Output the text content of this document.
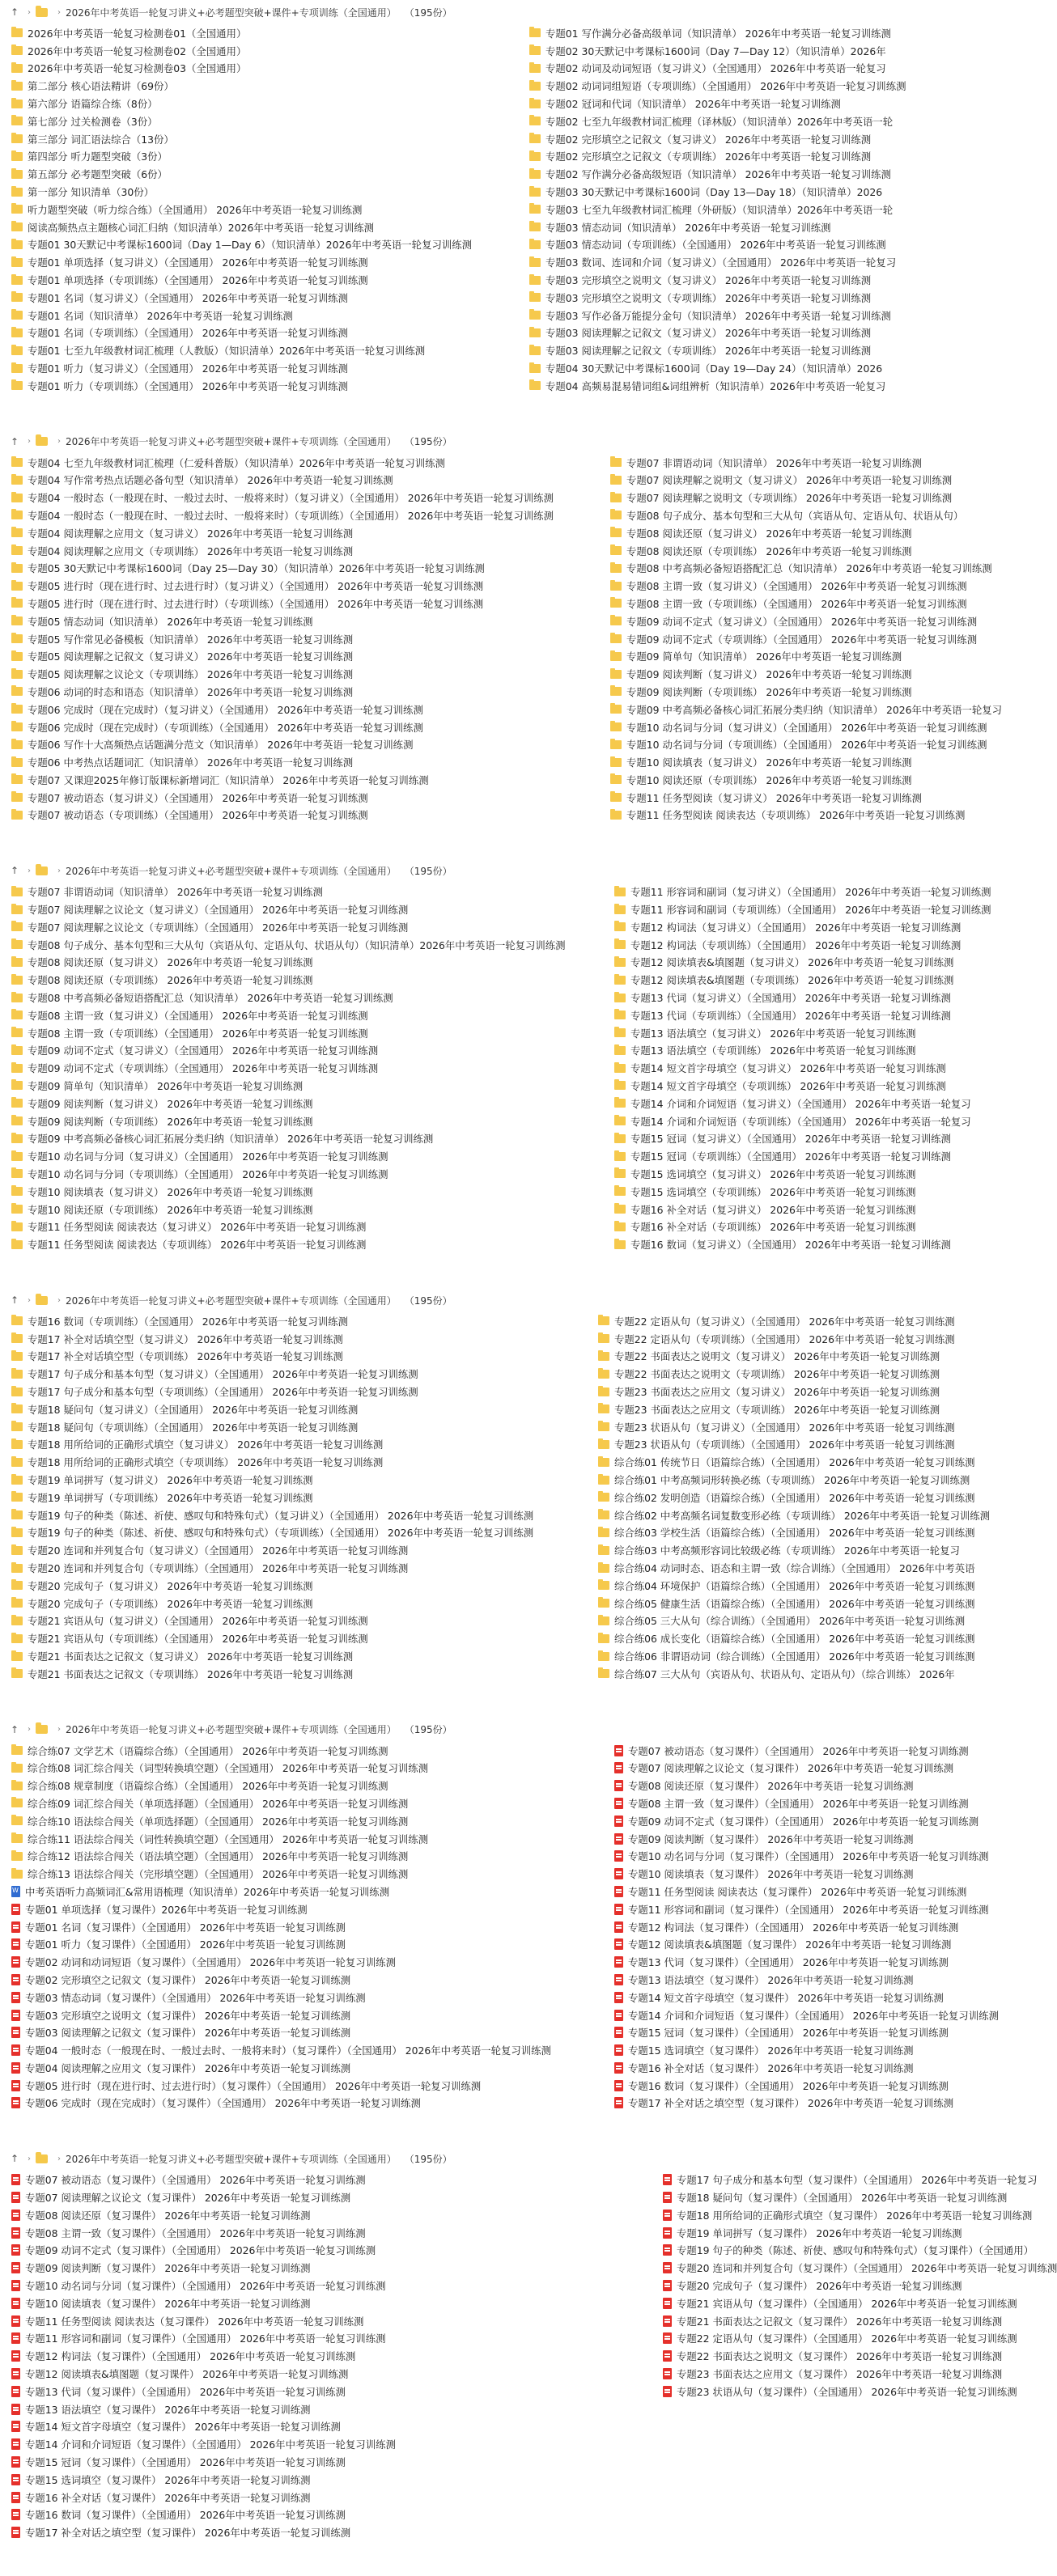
↑	›	› 2026年中考英语一轮复习讲义+必考题型突破+课件+专项训练（全国通用） （195份）
2026年中考英语一轮复习检测卷01（全国通用）
2026年中考英语一轮复习检测卷02（全国通用）
2026年中考英语一轮复习检测卷03（全国通用）
第二部分 核心语法精讲（69份）
第六部分 语篇综合练（8份）
第七部分 过关检测卷（3份）
第三部分 词汇语法综合（13份）
第四部分 听力题型突破（3份）
第五部分 必考题型突破（6份）
第一部分 知识清单（30份）
听力题型突破（听力综合练）（全国通用） 2026年中考英语一轮复习训练测
阅读高频热点主题核心词汇归纳（知识清单）2026年中考英语一轮复习训练测
专题01 30天默记中考课标1600词（Day 1—Day 6）（知识清单）2026年中考英语一轮复习训练测
专题01 单项选择（复习讲义）（全国通用） 2026年中考英语一轮复习训练测
专题01 单项选择（专项训练）（全国通用） 2026年中考英语一轮复习训练测
专题01 名词（复习讲义）（全国通用） 2026年中考英语一轮复习训练测
专题01 名词（知识清单） 2026年中考英语一轮复习训练测
专题01 名词（专项训练）（全国通用） 2026年中考英语一轮复习训练测
专题01 七至九年级教材词汇梳理（人教版）（知识清单）2026年中考英语一轮复习训练测
专题01 听力（复习讲义）（全国通用） 2026年中考英语一轮复习训练测
专题01 听力（专项训练）（全国通用） 2026年中考英语一轮复习训练测
专题01 写作满分必备高级单词（知识清单） 2026年中考英语一轮复习训练测
专题02 30天默记中考课标1600词（Day 7—Day 12）（知识清单）2026年
专题02 动词及动词短语（复习讲义）（全国通用） 2026年中考英语一轮复习
专题02 动词词组短语（专项训练）（全国通用） 2026年中考英语一轮复习训练测
专题02 冠词和代词（知识清单） 2026年中考英语一轮复习训练测
专题02 七至九年级教材词汇梳理（译林版）（知识清单）2026年中考英语一轮
专题02 完形填空之记叙文（复习讲义） 2026年中考英语一轮复习训练测
专题02 完形填空之记叙文（专项训练） 2026年中考英语一轮复习训练测
专题02 写作满分必备高级短语（知识清单） 2026年中考英语一轮复习训练测
专题03 30天默记中考课标1600词（Day 13—Day 18）（知识清单）2026
专题03 七至九年级教材词汇梳理（外研版）（知识清单）2026年中考英语一轮
专题03 情态动词（知识清单） 2026年中考英语一轮复习训练测
专题03 情态动词（专项训练）（全国通用） 2026年中考英语一轮复习训练测
专题03 数词、连词和介词（复习讲义）（全国通用） 2026年中考英语一轮复习
专题03 完形填空之说明文（复习讲义） 2026年中考英语一轮复习训练测
专题03 完形填空之说明文（专项训练） 2026年中考英语一轮复习训练测
专题03 写作必备万能提分金句（知识清单） 2026年中考英语一轮复习训练测
专题03 阅读理解之记叙文（复习讲义） 2026年中考英语一轮复习训练测
专题03 阅读理解之记叙文（专项训练） 2026年中考英语一轮复习训练测
专题04 30天默记中考课标1600词（Day 19—Day 24）（知识清单）2026
专题04 高频易混易错词组&词组辨析（知识清单）2026年中考英语一轮复习
↑	›	› 2026年中考英语一轮复习讲义+必考题型突破+课件+专项训练（全国通用） （195份）
专题04 七至九年级教材词汇梳理（仁爱科普版）（知识清单）2026年中考英语一轮复习训练测
专题04 写作常考热点话题必备句型（知识清单） 2026年中考英语一轮复习训练测
专题04 一般时态（一般现在时、一般过去时、一般将来时）（复习讲义）（全国通用） 2026年中考英语一轮复习训练测
专题04 一般时态（一般现在时、一般过去时、一般将来时）（专项训练）（全国通用） 2026年中考英语一轮复习训练测
专题04 阅读理解之应用文（复习讲义） 2026年中考英语一轮复习训练测
专题04 阅读理解之应用文（专项训练） 2026年中考英语一轮复习训练测
专题05 30天默记中考课标1600词（Day 25—Day 30）（知识清单）2026年中考英语一轮复习训练测
专题05 进行时（现在进行时、过去进行时）（复习讲义）（全国通用） 2026年中考英语一轮复习训练测
专题05 进行时（现在进行时、过去进行时）（专项训练）（全国通用） 2026年中考英语一轮复习训练测
专题05 情态动词（知识清单） 2026年中考英语一轮复习训练测
专题05 写作常见必备模板（知识清单） 2026年中考英语一轮复习训练测
专题05 阅读理解之记叙文（复习讲义） 2026年中考英语一轮复习训练测
专题05 阅读理解之议论文（专项训练） 2026年中考英语一轮复习训练测
专题06 动词的时态和语态（知识清单） 2026年中考英语一轮复习训练测
专题06 完成时（现在完成时）（复习讲义）（全国通用） 2026年中考英语一轮复习训练测
专题06 完成时（现在完成时）（专项训练）（全国通用） 2026年中考英语一轮复习训练测
专题06 写作十大高频热点话题满分范文（知识清单） 2026年中考英语一轮复习训练测
专题06 中考热点话题词汇（知识清单） 2026年中考英语一轮复习训练测
专题07 又课迎2025年修订版课标新增词汇（知识清单） 2026年中考英语一轮复习训练测
专题07 被动语态（复习讲义）（全国通用） 2026年中考英语一轮复习训练测
专题07 被动语态（专项训练）（全国通用） 2026年中考英语一轮复习训练测
专题07 非谓语动词（知识清单） 2026年中考英语一轮复习训练测
专题07 阅读理解之说明文（复习讲义） 2026年中考英语一轮复习训练测
专题07 阅读理解之说明文（专项训练） 2026年中考英语一轮复习训练测
专题08 句子成分、基本句型和三大从句（宾语从句、定语从句、状语从句）
专题08 阅读还原（复习讲义） 2026年中考英语一轮复习训练测
专题08 阅读还原（专项训练） 2026年中考英语一轮复习训练测
专题08 中考高频必备短语搭配汇总（知识清单） 2026年中考英语一轮复习训练测
专题08 主谓一致（复习讲义）（全国通用） 2026年中考英语一轮复习训练测
专题08 主谓一致（专项训练）（全国通用） 2026年中考英语一轮复习训练测
专题09 动词不定式（复习讲义）（全国通用） 2026年中考英语一轮复习训练测
专题09 动词不定式（专项训练）（全国通用） 2026年中考英语一轮复习训练测
专题09 简单句（知识清单） 2026年中考英语一轮复习训练测
专题09 阅读判断（复习讲义） 2026年中考英语一轮复习训练测
专题09 阅读判断（专项训练） 2026年中考英语一轮复习训练测
专题09 中考高频必备核心词汇拓展分类归纳（知识清单） 2026年中考英语一轮复习
专题10 动名词与分词（复习讲义）（全国通用） 2026年中考英语一轮复习训练测
专题10 动名词与分词（专项训练）（全国通用） 2026年中考英语一轮复习训练测
专题10 阅读填表（复习讲义） 2026年中考英语一轮复习训练测
专题10 阅读还原（专项训练） 2026年中考英语一轮复习训练测
专题11 任务型阅读（复习讲义） 2026年中考英语一轮复习训练测
专题11 任务型阅读 阅读表达（专项训练） 2026年中考英语一轮复习训练测
↑	›	› 2026年中考英语一轮复习讲义+必考题型突破+课件+专项训练（全国通用） （195份）
专题07 非谓语动词（知识清单） 2026年中考英语一轮复习训练测
专题07 阅读理解之议论文（复习讲义）（全国通用） 2026年中考英语一轮复习训练测
专题07 阅读理解之议论文（专项训练）（全国通用） 2026年中考英语一轮复习训练测
专题08 句子成分、基本句型和三大从句（宾语从句、定语从句、状语从句）（知识清单）2026年中考英语一轮复习训练测
专题08 阅读还原（复习讲义） 2026年中考英语一轮复习训练测
专题08 阅读还原（专项训练） 2026年中考英语一轮复习训练测
专题08 中考高频必备短语搭配汇总（知识清单） 2026年中考英语一轮复习训练测
专题08 主谓一致（复习讲义）（全国通用） 2026年中考英语一轮复习训练测
专题08 主谓一致（专项训练）（全国通用） 2026年中考英语一轮复习训练测
专题09 动词不定式（复习讲义）（全国通用） 2026年中考英语一轮复习训练测
专题09 动词不定式（专项训练）（全国通用） 2026年中考英语一轮复习训练测
专题09 简单句（知识清单） 2026年中考英语一轮复习训练测
专题09 阅读判断（复习讲义） 2026年中考英语一轮复习训练测
专题09 阅读判断（专项训练） 2026年中考英语一轮复习训练测
专题09 中考高频必备核心词汇拓展分类归纳（知识清单） 2026年中考英语一轮复习训练测
专题10 动名词与分词（复习讲义）（全国通用） 2026年中考英语一轮复习训练测
专题10 动名词与分词（专项训练）（全国通用） 2026年中考英语一轮复习训练测
专题10 阅读填表（复习讲义） 2026年中考英语一轮复习训练测
专题10 阅读还原（专项训练） 2026年中考英语一轮复习训练测
专题11 任务型阅读 阅读表达（复习讲义） 2026年中考英语一轮复习训练测
专题11 任务型阅读 阅读表达（专项训练） 2026年中考英语一轮复习训练测
专题11 形容词和副词（复习讲义）（全国通用） 2026年中考英语一轮复习训练测
专题11 形容词和副词（专项训练）（全国通用） 2026年中考英语一轮复习训练测
专题12 构词法（复习讲义）（全国通用） 2026年中考英语一轮复习训练测
专题12 构词法（专项训练）（全国通用） 2026年中考英语一轮复习训练测
专题12 阅读填表&填图题（复习讲义） 2026年中考英语一轮复习训练测
专题12 阅读填表&填图题（专项训练） 2026年中考英语一轮复习训练测
专题13 代词（复习讲义）（全国通用） 2026年中考英语一轮复习训练测
专题13 代词（专项训练）（全国通用） 2026年中考英语一轮复习训练测
专题13 语法填空（复习讲义） 2026年中考英语一轮复习训练测
专题13 语法填空（专项训练） 2026年中考英语一轮复习训练测
专题14 短文首字母填空（复习讲义） 2026年中考英语一轮复习训练测
专题14 短文首字母填空（专项训练） 2026年中考英语一轮复习训练测
专题14 介词和介词短语（复习讲义）（全国通用） 2026年中考英语一轮复习
专题14 介词和介词短语（专项训练）（全国通用） 2026年中考英语一轮复习
专题15 冠词（复习讲义）（全国通用） 2026年中考英语一轮复习训练测
专题15 冠词（专项训练）（全国通用） 2026年中考英语一轮复习训练测
专题15 选词填空（复习讲义） 2026年中考英语一轮复习训练测
专题15 选词填空（专项训练） 2026年中考英语一轮复习训练测
专题16 补全对话（复习讲义） 2026年中考英语一轮复习训练测
专题16 补全对话（专项训练） 2026年中考英语一轮复习训练测
专题16 数词（复习讲义）（全国通用） 2026年中考英语一轮复习训练测
↑	›	› 2026年中考英语一轮复习讲义+必考题型突破+课件+专项训练（全国通用） （195份）
专题16 数词（专项训练）（全国通用） 2026年中考英语一轮复习训练测
专题17 补全对话填空型（复习讲义） 2026年中考英语一轮复习训练测
专题17 补全对话填空型（专项训练） 2026年中考英语一轮复习训练测
专题17 句子成分和基本句型（复习讲义）（全国通用） 2026年中考英语一轮复习训练测
专题17 句子成分和基本句型（专项训练）（全国通用） 2026年中考英语一轮复习训练测
专题18 疑问句（复习讲义）（全国通用） 2026年中考英语一轮复习训练测
专题18 疑问句（专项训练）（全国通用） 2026年中考英语一轮复习训练测
专题18 用所给词的正确形式填空（复习讲义） 2026年中考英语一轮复习训练测
专题18 用所给词的正确形式填空（专项训练） 2026年中考英语一轮复习训练测
专题19 单词拼写（复习讲义） 2026年中考英语一轮复习训练测
专题19 单词拼写（专项训练） 2026年中考英语一轮复习训练测
专题19 句子的种类（陈述、祈使、感叹句和特殊句式）（复习讲义）（全国通用） 2026年中考英语一轮复习训练测
专题19 句子的种类（陈述、祈使、感叹句和特殊句式）（专项训练）（全国通用） 2026年中考英语一轮复习训练测
专题20 连词和并列复合句（复习讲义）（全国通用） 2026年中考英语一轮复习训练测
专题20 连词和并列复合句（专项训练）（全国通用） 2026年中考英语一轮复习训练测
专题20 完成句子（复习讲义） 2026年中考英语一轮复习训练测
专题20 完成句子（专项训练） 2026年中考英语一轮复习训练测
专题21 宾语从句（复习讲义）（全国通用） 2026年中考英语一轮复习训练测
专题21 宾语从句（专项训练）（全国通用） 2026年中考英语一轮复习训练测
专题21 书面表达之记叙文（复习讲义） 2026年中考英语一轮复习训练测
专题21 书面表达之记叙文（专项训练） 2026年中考英语一轮复习训练测
专题22 定语从句（复习讲义）（全国通用） 2026年中考英语一轮复习训练测
专题22 定语从句（专项训练）（全国通用） 2026年中考英语一轮复习训练测
专题22 书面表达之说明文（复习讲义） 2026年中考英语一轮复习训练测
专题22 书面表达之说明文（专项训练） 2026年中考英语一轮复习训练测
专题23 书面表达之应用文（复习讲义） 2026年中考英语一轮复习训练测
专题23 书面表达之应用文（专项训练） 2026年中考英语一轮复习训练测
专题23 状语从句（复习讲义）（全国通用） 2026年中考英语一轮复习训练测
专题23 状语从句（专项训练）（全国通用） 2026年中考英语一轮复习训练测
综合练01 传统节日（语篇综合练）（全国通用） 2026年中考英语一轮复习训练测
综合练01 中考高频词形转换必练（专项训练） 2026年中考英语一轮复习训练测
综合练02 发明创造（语篇综合练）（全国通用） 2026年中考英语一轮复习训练测
综合练02 中考高频名词复数变形必练（专项训练） 2026年中考英语一轮复习训练测
综合练03 学校生活（语篇综合练）（全国通用） 2026年中考英语一轮复习训练测
综合练03 中考高频形容词比较级必练（专项训练） 2026年中考英语一轮复习
综合练04 动词时态、语态和主谓一致（综合训练）（全国通用） 2026年中考英语
综合练04 环境保护（语篇综合练）（全国通用） 2026年中考英语一轮复习训练测
综合练05 健康生活（语篇综合练）（全国通用） 2026年中考英语一轮复习训练测
综合练05 三大从句（综合训练）（全国通用） 2026年中考英语一轮复习训练测
综合练06 成长变化（语篇综合练）（全国通用） 2026年中考英语一轮复习训练测
综合练06 非谓语动词（综合训练）（全国通用） 2026年中考英语一轮复习训练测
综合练07 三大从句（宾语从句、状语从句、定语从句）（综合训练） 2026年
↑	›	› 2026年中考英语一轮复习讲义+必考题型突破+课件+专项训练（全国通用） （195份）
综合练07 文学艺术（语篇综合练）（全国通用） 2026年中考英语一轮复习训练测
综合练08 词汇综合闯关（词型转换填空题）（全国通用） 2026年中考英语一轮复习训练测
综合练08 规章制度（语篇综合练）（全国通用） 2026年中考英语一轮复习训练测
综合练09 词汇综合闯关（单项选择题）（全国通用） 2026年中考英语一轮复习训练测
综合练10 语法综合闯关（单项选择题）（全国通用） 2026年中考英语一轮复习训练测
综合练11 语法综合闯关（词性转换填空题）（全国通用） 2026年中考英语一轮复习训练测
综合练12 语法综合闯关（语法填空题）（全国通用） 2026年中考英语一轮复习训练测
综合练13 语法综合闯关（完形填空题）（全国通用） 2026年中考英语一轮复习训练测
W
中考英语听力高频词汇&常用语梳理（知识清单）2026年中考英语一轮复习训练测
专题01 单项选择（复习课件）2026年中考英语一轮复习训练测
专题01 名词（复习课件）（全国通用） 2026年中考英语一轮复习训练测
专题01 听力（复习课件）（全国通用） 2026年中考英语一轮复习训练测
专题02 动词和动词短语（复习课件）（全国通用） 2026年中考英语一轮复习训练测
专题02 完形填空之记叙文（复习课件） 2026年中考英语一轮复习训练测
专题03 情态动词（复习课件）（全国通用） 2026年中考英语一轮复习训练测
专题03 完形填空之说明文（复习课件） 2026年中考英语一轮复习训练测
专题03 阅读理解之记叙文（复习课件） 2026年中考英语一轮复习训练测
专题04 一般时态（一般现在时、一般过去时、一般将来时）（复习课件）（全国通用） 2026年中考英语一轮复习训练测
专题04 阅读理解之应用文（复习课件） 2026年中考英语一轮复习训练测
专题05 进行时（现在进行时、过去进行时）（复习课件）（全国通用） 2026年中考英语一轮复习训练测
专题06 完成时（现在完成时）（复习课件）（全国通用） 2026年中考英语一轮复习训练测
专题07 被动语态（复习课件）（全国通用） 2026年中考英语一轮复习训练测
专题07 阅读理解之议论文（复习课件） 2026年中考英语一轮复习训练测
专题08 阅读还原（复习课件） 2026年中考英语一轮复习训练测
专题08 主谓一致（复习课件）（全国通用） 2026年中考英语一轮复习训练测
专题09 动词不定式（复习课件）（全国通用） 2026年中考英语一轮复习训练测
专题09 阅读判断（复习课件） 2026年中考英语一轮复习训练测
专题10 动名词与分词（复习课件）（全国通用） 2026年中考英语一轮复习训练测
专题10 阅读填表（复习课件） 2026年中考英语一轮复习训练测
专题11 任务型阅读 阅读表达（复习课件） 2026年中考英语一轮复习训练测
专题11 形容词和副词（复习课件）（全国通用） 2026年中考英语一轮复习训练测
专题12 构词法（复习课件）（全国通用） 2026年中考英语一轮复习训练测
专题12 阅读填表&填图题（复习课件） 2026年中考英语一轮复习训练测
专题13 代词（复习课件）（全国通用） 2026年中考英语一轮复习训练测
专题13 语法填空（复习课件） 2026年中考英语一轮复习训练测
专题14 短文首字母填空（复习课件） 2026年中考英语一轮复习训练测
专题14 介词和介词短语（复习课件）（全国通用） 2026年中考英语一轮复习训练测
专题15 冠词（复习课件）（全国通用） 2026年中考英语一轮复习训练测
专题15 选词填空（复习课件） 2026年中考英语一轮复习训练测
专题16 补全对话（复习课件） 2026年中考英语一轮复习训练测
专题16 数词（复习课件）（全国通用） 2026年中考英语一轮复习训练测
专题17 补全对话之填空型（复习课件） 2026年中考英语一轮复习训练测
↑	›	› 2026年中考英语一轮复习讲义+必考题型突破+课件+专项训练（全国通用） （195份）
专题07 被动语态（复习课件）（全国通用） 2026年中考英语一轮复习训练测
专题07 阅读理解之议论文（复习课件） 2026年中考英语一轮复习训练测
专题08 阅读还原（复习课件） 2026年中考英语一轮复习训练测
专题08 主谓一致（复习课件）（全国通用） 2026年中考英语一轮复习训练测
专题09 动词不定式（复习课件）（全国通用） 2026年中考英语一轮复习训练测
专题09 阅读判断（复习课件） 2026年中考英语一轮复习训练测
专题10 动名词与分词（复习课件）（全国通用） 2026年中考英语一轮复习训练测
专题10 阅读填表（复习课件） 2026年中考英语一轮复习训练测
专题11 任务型阅读 阅读表达（复习课件） 2026年中考英语一轮复习训练测
专题11 形容词和副词（复习课件）（全国通用） 2026年中考英语一轮复习训练测
专题12 构词法（复习课件）（全国通用） 2026年中考英语一轮复习训练测
专题12 阅读填表&填图题（复习课件） 2026年中考英语一轮复习训练测
专题13 代词（复习课件）（全国通用） 2026年中考英语一轮复习训练测
专题13 语法填空（复习课件） 2026年中考英语一轮复习训练测
专题14 短文首字母填空（复习课件） 2026年中考英语一轮复习训练测
专题14 介词和介词短语（复习课件）（全国通用） 2026年中考英语一轮复习训练测
专题15 冠词（复习课件）（全国通用） 2026年中考英语一轮复习训练测
专题15 选词填空（复习课件） 2026年中考英语一轮复习训练测
专题16 补全对话（复习课件） 2026年中考英语一轮复习训练测
专题16 数词（复习课件）（全国通用） 2026年中考英语一轮复习训练测
专题17 补全对话之填空型（复习课件） 2026年中考英语一轮复习训练测
专题17 句子成分和基本句型（复习课件）（全国通用） 2026年中考英语一轮复习
专题18 疑问句（复习课件）（全国通用） 2026年中考英语一轮复习训练测
专题18 用所给词的正确形式填空（复习课件） 2026年中考英语一轮复习训练测
专题19 单词拼写（复习课件） 2026年中考英语一轮复习训练测
专题19 句子的种类（陈述、祈使、感叹句和特殊句式）（复习课件）（全国通用）
专题20 连词和并列复合句（复习课件）（全国通用） 2026年中考英语一轮复习训练测
专题20 完成句子（复习课件） 2026年中考英语一轮复习训练测
专题21 宾语从句（复习课件）（全国通用） 2026年中考英语一轮复习训练测
专题21 书面表达之记叙文（复习课件） 2026年中考英语一轮复习训练测
专题22 定语从句（复习课件）（全国通用） 2026年中考英语一轮复习训练测
专题22 书面表达之说明文（复习课件） 2026年中考英语一轮复习训练测
专题23 书面表达之应用文（复习课件） 2026年中考英语一轮复习训练测
专题23 状语从句（复习课件）（全国通用） 2026年中考英语一轮复习训练测
